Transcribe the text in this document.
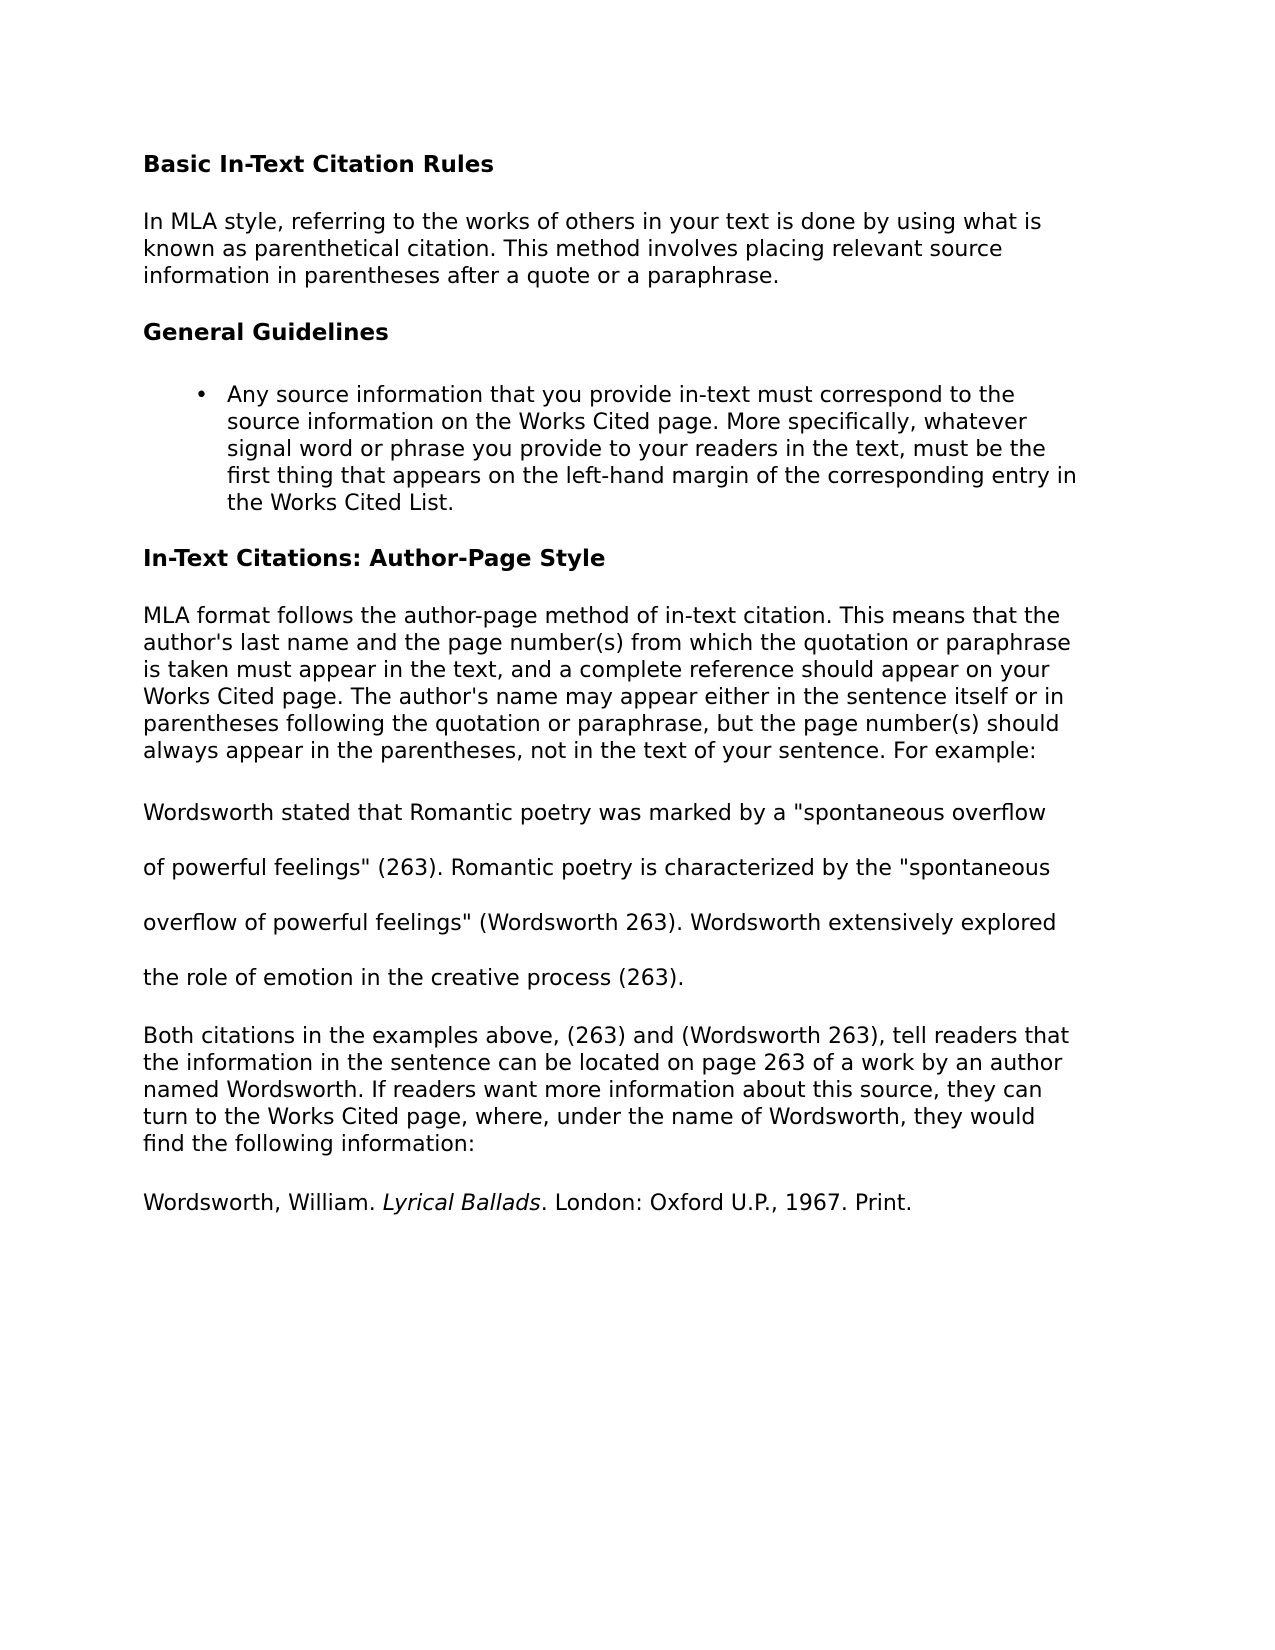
Basic In-Text Citation Rules

In MLA style, referring to the works of others in your text is done by using what is known as parenthetical citation. This method involves placing relevant source information in parentheses after a quote or a paraphrase.

General Guidelines
• Any source information that you provide in-text must correspond to the source information on the Works Cited page. More specifically, whatever signal word or phrase you provide to your readers in the text, must be the first thing that appears on the left-hand margin of the corresponding entry in the Works Cited List.
In-Text Citations: Author-Page Style

MLA format follows the author-page method of in-text citation. This means that the author's last name and the page number(s) from which the quotation or paraphrase is taken must appear in the text, and a complete reference should appear on your Works Cited page. The author's name may appear either in the sentence itself or in parentheses following the quotation or paraphrase, but the page number(s) should always appear in the parentheses, not in the text of your sentence. For example:

Wordsworth stated that Romantic poetry was marked by a "spontaneous overflow

of powerful feelings" (263). Romantic poetry is characterized by the "spontaneous

overflow of powerful feelings" (Wordsworth 263). Wordsworth extensively explored

the role of emotion in the creative process (263).

Both citations in the examples above, (263) and (Wordsworth 263), tell readers that the information in the sentence can be located on page 263 of a work by an author named Wordsworth. If readers want more information about this source, they can turn to the Works Cited page, where, under the name of Wordsworth, they would find the following information:

Wordsworth, William. Lyrical Ballads. London: Oxford U.P., 1967. Print.
